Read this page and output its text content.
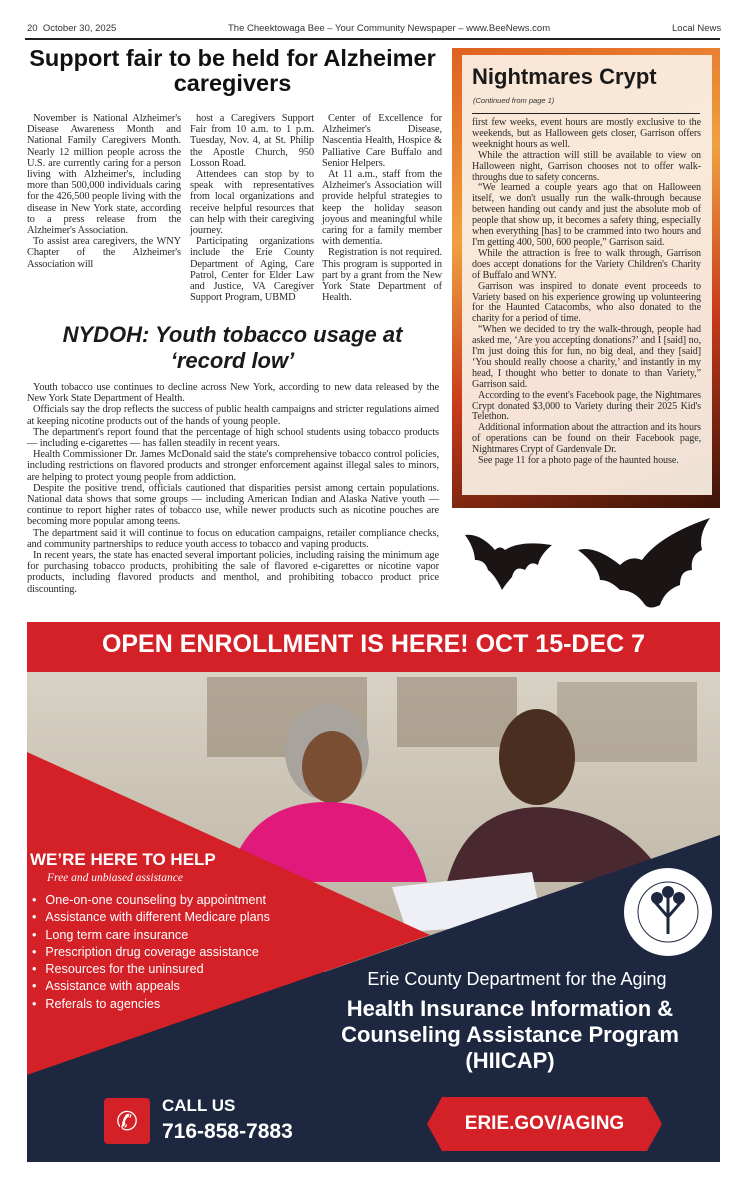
20 October 30, 2025	The Cheektowaga Bee – Your Community Newspaper – www.BeeNews.com	Local News
Support fair to be held for Alzheimer caregivers

November is National Alzheimer's Disease Awareness Month and National Family Caregivers Month. Nearly 12 million people across the U.S. are currently caring for a person living with Alzheimer's, including more than 500,000 individuals caring for the 426,500 people living with the disease in New York state, according to a press release from the Alzheimer's Association.

To assist area caregivers, the WNY Chapter of the Alzheimer's Association will

host a Caregivers Support Fair from 10 a.m. to 1 p.m. Tuesday, Nov. 4, at St. Philip the Apostle Church, 950 Losson Road.

Attendees can stop by to speak with representatives from local organizations and receive helpful resources that can help with their caregiving journey.

Participating organizations include the Erie County Department of Aging, Care Patrol, Center for Elder Law and Justice, VA Caregiver Support Program, UBMD

Center of Excellence for Alzheimer's Disease, Nascentia Health, Hospice & Palliative Care Buffalo and Senior Helpers.

At 11 a.m., staff from the Alzheimer's Association will provide helpful strategies to keep the holiday season joyous and meaningful while caring for a family member with dementia.

Registration is not required. This program is supported in part by a grant from the New York State Department of Health.

NYDOH: Youth tobacco usage at ‘record low’

Youth tobacco use continues to decline across New York, according to new data released by the New York State Department of Health.

Officials say the drop reflects the success of public health campaigns and stricter regulations aimed at keeping nicotine products out of the hands of young people.

The department's report found that the percentage of high school students using tobacco products — including e-cigarettes — has fallen steadily in recent years.

Health Commissioner Dr. James McDonald said the state's comprehensive tobacco control policies, including restrictions on flavored products and stronger enforcement against illegal sales to minors, are helping to protect young people from addiction.

Despite the positive trend, officials cautioned that disparities persist among certain populations. National data shows that some groups — including American Indian and Alaska Native youth — continue to report higher rates of tobacco use, while newer products such as nicotine pouches are becoming more popular among teens.

The department said it will continue to focus on education campaigns, retailer compliance checks, and community partnerships to reduce youth access to tobacco and vaping products.

In recent years, the state has enacted several important policies, including raising the minimum age for purchasing tobacco products, prohibiting the sale of flavored e-cigarettes or nicotine vapor products, including flavored products and menthol, and prohibiting tobacco product price discounting.

Nightmares Crypt
(Continued from page 1)

first few weeks, event hours are mostly exclusive to the weekends, but as Halloween gets closer, Garrison offers weeknight hours as well.

While the attraction will still be available to view on Halloween night, Garrison chooses not to offer walk-throughs due to safety concerns.

“We learned a couple years ago that on Halloween itself, we don't usually run the walk-through because between handing out candy and just the absolute mob of people that show up, it becomes a safety thing, especially when everything [has] to be crammed into two hours and I'm getting 400, 500, 600 people,” Garrison said.

While the attraction is free to walk through, Garrison does accept donations for the Variety Children's Charity of Buffalo and WNY.

Garrison was inspired to donate event proceeds to Variety based on his experience growing up volunteering for the Haunted Catacombs, who also donated to the charity for a period of time.

“When we decided to try the walk-through, people had asked me, ‘Are you accepting donations?’ and I [said] no, I'm just doing this for fun, no big deal, and they [said] ‘You should really choose a charity,’ and instantly in my head, I thought who better to donate to than Variety,” Garrison said.

According to the event's Facebook page, the Nightmares Crypt donated $3,000 to Variety during their 2025 Kid's Telethon.

Additional information about the attraction and its hours of operations can be found on their Facebook page, Nightmares Crypt of Gardenvale Dr.

See page 11 for a photo page of the haunted house.

OPEN ENROLLMENT IS HERE! OCT 15-DEC 7
WE’RE HERE TO HELP
Free and unbiased assistance
• One-on-one counseling by appointment
• Assistance with different Medicare plans
• Long term care insurance
• Prescription drug coverage assistance
• Resources for the uninsured
• Assistance with appeals
• Referals to agencies
Erie County Department for the Aging
Health Insurance Information & Counseling Assistance Program (HIICAP)
✆
CALL US
716-858-7883	ERIE.GOV/AGING
